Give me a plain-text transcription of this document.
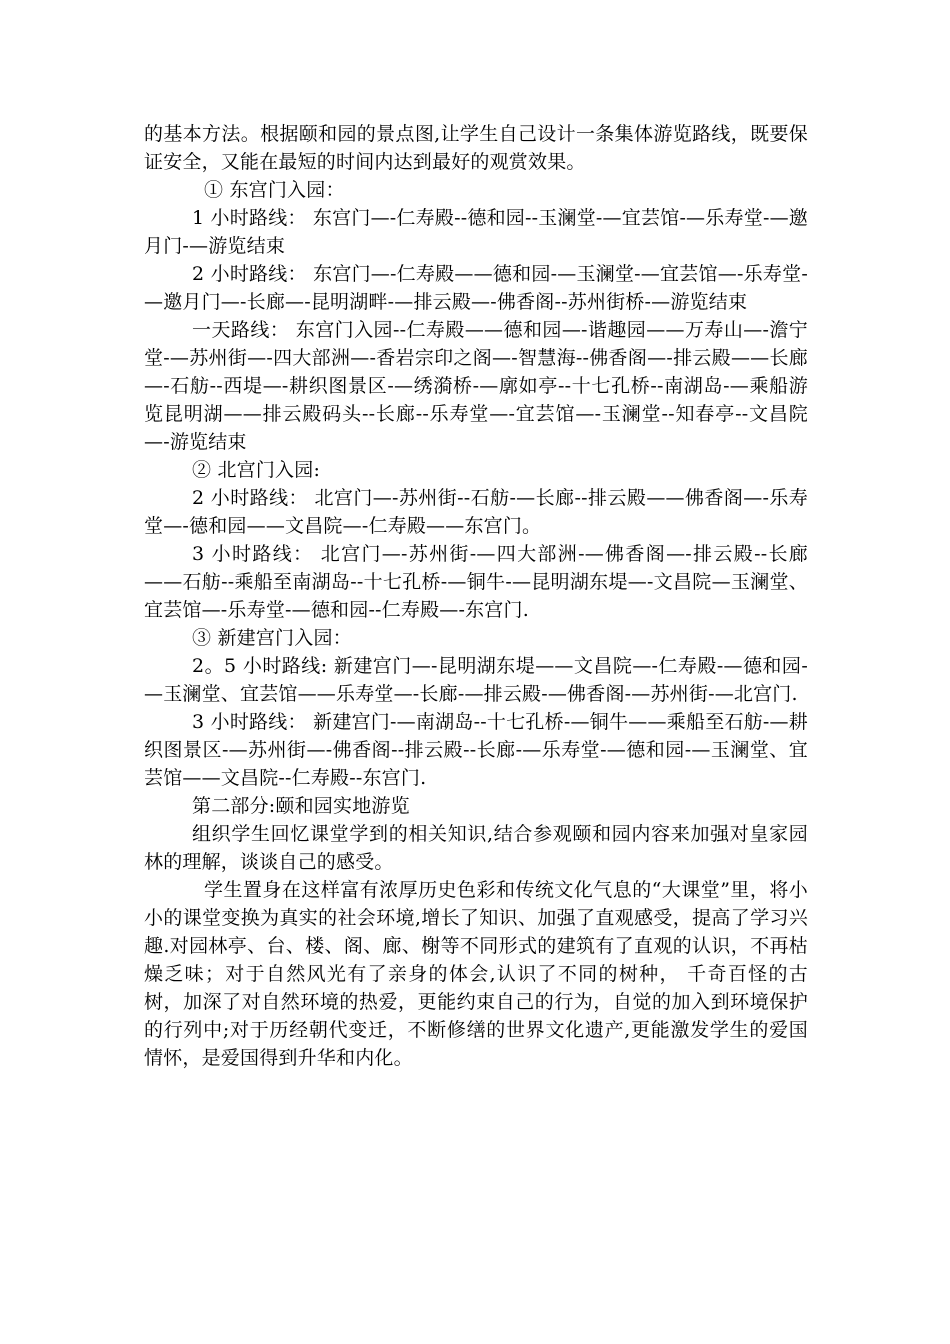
的基本方法。根据颐和园的景点图,让学生自己设计一条集体游览路线，既要保证安全，又能在最短的时间内达到最好的观赏效果。

① 东宫门入园：

1 小时路线： 东宫门—-仁寿殿--德和园--玉澜堂-—宜芸馆-—乐寿堂-—邀月门-—游览结束

2 小时路线： 东宫门—-仁寿殿——德和园-—玉澜堂-—宜芸馆—-乐寿堂-—邀月门—-长廊—-昆明湖畔-—排云殿—-佛香阁--苏州街桥-—游览结束

一天路线： 东宫门入园--仁寿殿——德和园—-谐趣园——万寿山—-澹宁堂-—苏州街—-四大部洲—-香岩宗印之阁—-智慧海--佛香阁—-排云殿——长廊—-石舫--西堤—-耕织图景区-—绣漪桥-—廓如亭--十七孔桥--南湖岛-—乘船游览昆明湖——排云殿码头--长廊--乐寿堂—-宜芸馆—-玉澜堂--知春亭--文昌院—-游览结束

② 北宫门入园:

2 小时路线： 北宫门—-苏州街--石舫-—长廊--排云殿——佛香阁—-乐寿堂—-德和园——文昌院—-仁寿殿——东宫门。

3 小时路线： 北宫门—-苏州街-—四大部洲-—佛香阁—-排云殿--长廊——石舫--乘船至南湖岛--十七孔桥-—铜牛-—昆明湖东堤—-文昌院—玉澜堂、宜芸馆—-乐寿堂-—德和园--仁寿殿—-东宫门.

③ 新建宫门入园：

2。5 小时路线: 新建宫门—-昆明湖东堤——文昌院—-仁寿殿-—德和园-—玉澜堂、宜芸馆——乐寿堂—-长廊-—排云殿-—佛香阁-—苏州街-—北宫门.

3 小时路线： 新建宫门-—南湖岛--十七孔桥-—铜牛——乘船至石舫-—耕织图景区-—苏州街—-佛香阁--排云殿--长廊-—乐寿堂-—德和园-—玉澜堂、宜芸馆——文昌院--仁寿殿--东宫门.

第二部分:颐和园实地游览

组织学生回忆课堂学到的相关知识,结合参观颐和园内容来加强对皇家园林的理解，谈谈自己的感受。

学生置身在这样富有浓厚历史色彩和传统文化气息的“大课堂”里，将小小的课堂变换为真实的社会环境,增长了知识、加强了直观感受，提高了学习兴趣.对园林亭、台、楼、阁、廊、榭等不同形式的建筑有了直观的认识，不再枯燥乏味；对于自然风光有了亲身的体会,认识了不同的树种， 千奇百怪的古树，加深了对自然环境的热爱，更能约束自己的行为，自觉的加入到环境保护的行列中;对于历经朝代变迁，不断修缮的世界文化遗产,更能激发学生的爱国情怀，是爱国得到升华和内化。
